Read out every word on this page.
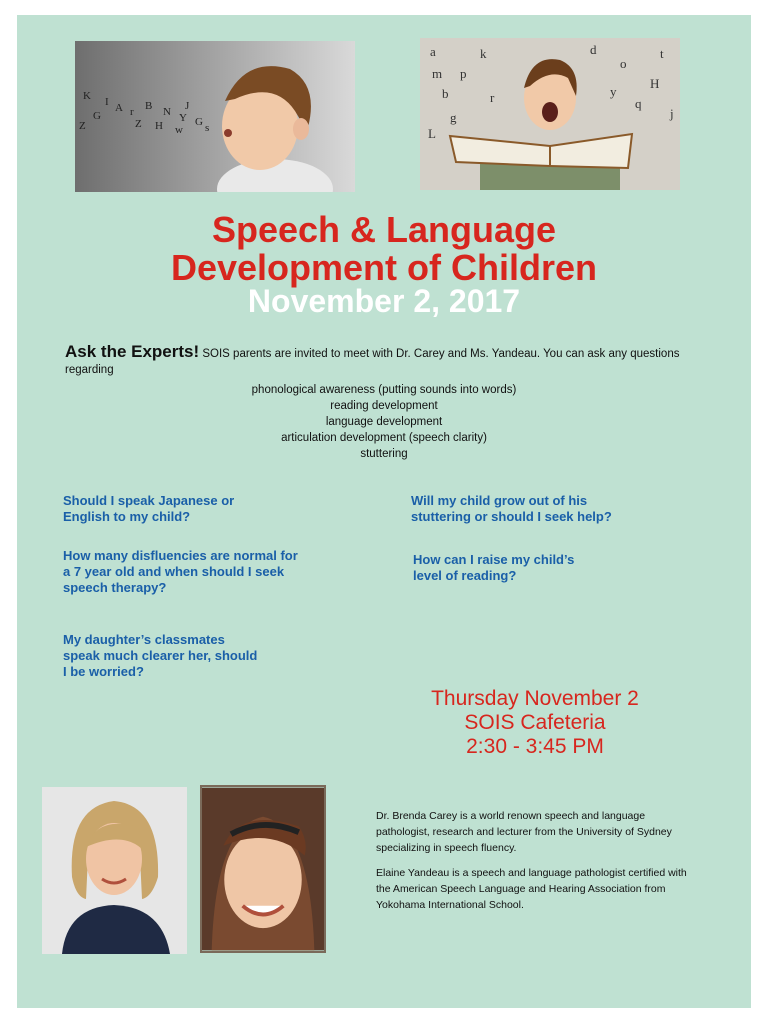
K I A
G	r B N Y G
Z H w s
Z
J
a
p
b
k	d
o
H
q
t
g
L
y
r
m
j
Speech & Language
Development of Children
November 2, 2017
Ask the Experts! SOIS parents are invited to meet with Dr. Carey and Ms. Yandeau. You can ask any questions regarding
phonological awareness (putting sounds into words)
reading development
language development
articulation development (speech clarity)
stuttering
Should I speak Japanese or
English to my child?
How many disfluencies are normal for
a 7 year old and when should I seek
speech therapy?
My daughter’s classmates
speak much clearer her, should
I be worried?
Will my child grow out of his
stuttering or should I seek help?
How can I raise my child’s
level of reading?
Thursday November 2
SOIS Cafeteria
2:30 - 3:45 PM
Dr. Brenda Carey is a world renown speech and language pathologist, research and lecturer from the University of Sydney specializing in speech fluency.
Elaine Yandeau is a speech and language pathologist certified with the American Speech Language and Hearing Association from Yokohama International School.
